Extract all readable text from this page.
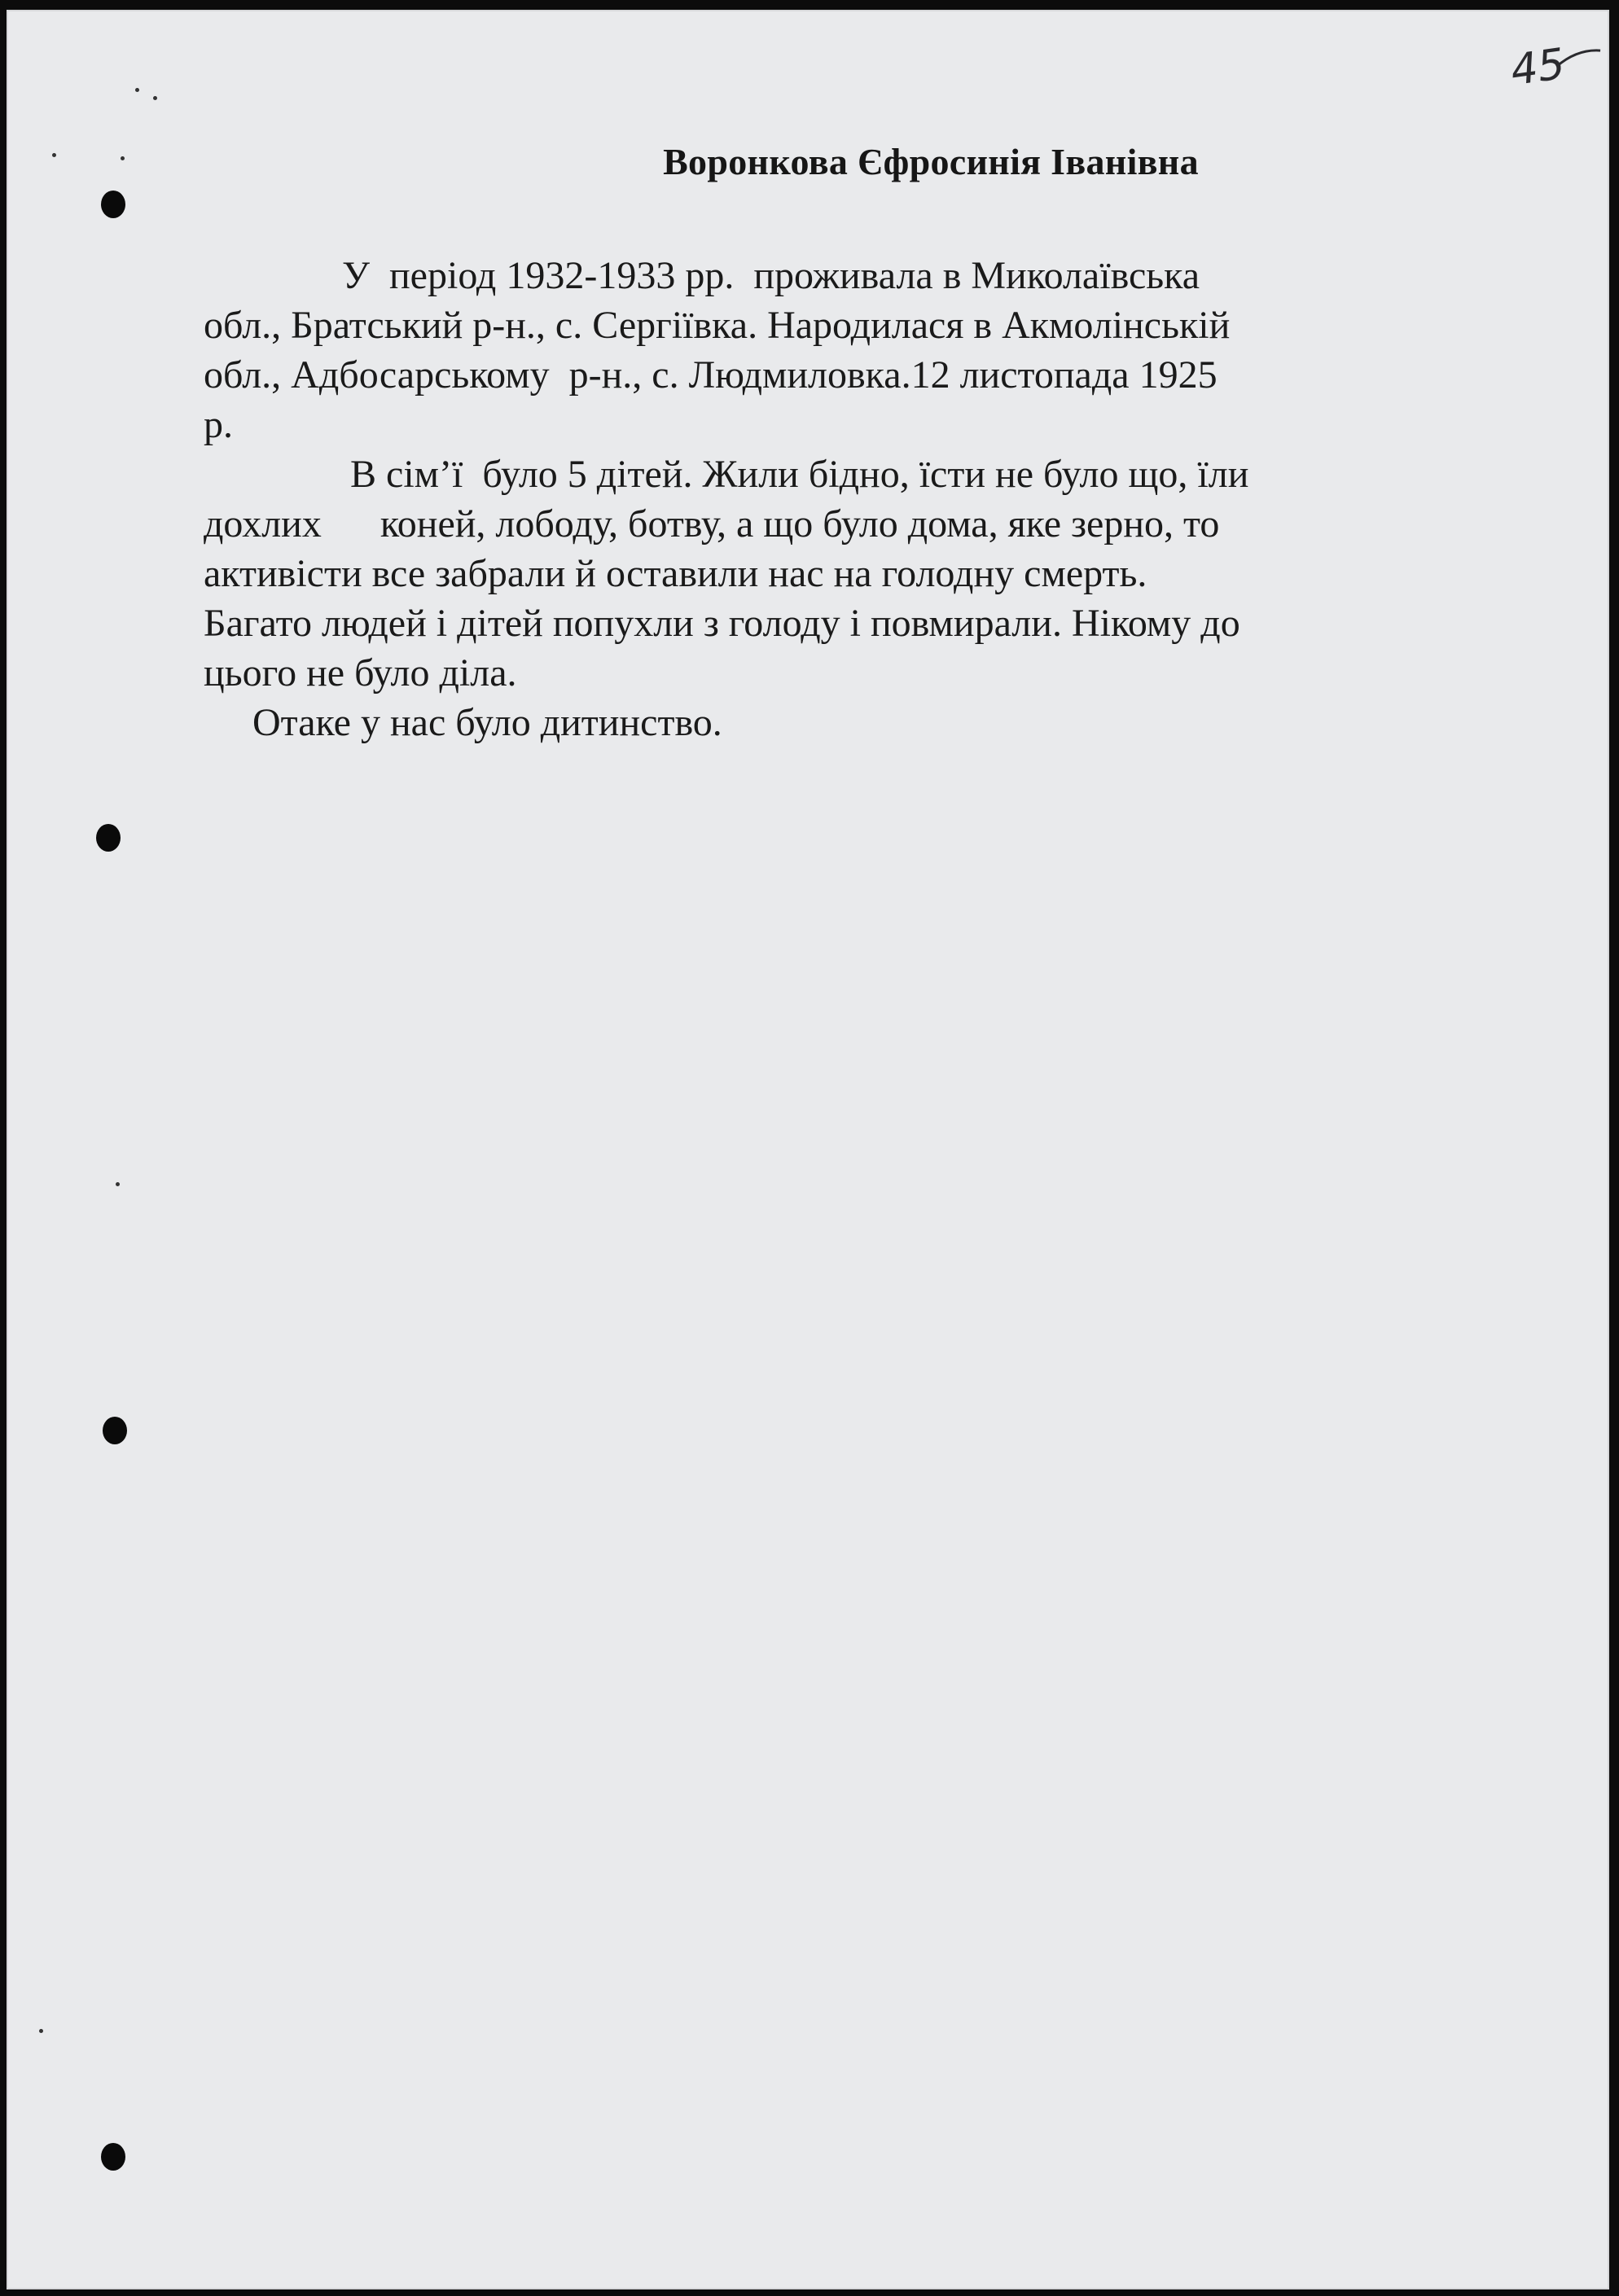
45
Воронкова Єфросинія Іванівна
У  період 1932-1933 рр.  проживала в Миколаївська
обл., Братський р-н., с. Сергіївка. Народилася в Акмолінській
обл., Адбосарському  р-н., с. Людмиловка.12 листопада 1925
р.
В сім’ї  було 5 дітей. Жили бідно, їсти не було що, їли
дохлих      коней, лободу, ботву, а що було дома, яке зерно, то
активісти все забрали й оставили нас на голодну смерть.
Багато людей і дітей попухли з голоду і повмирали. Нікому до
цього не було діла.
Отаке у нас було дитинство.
